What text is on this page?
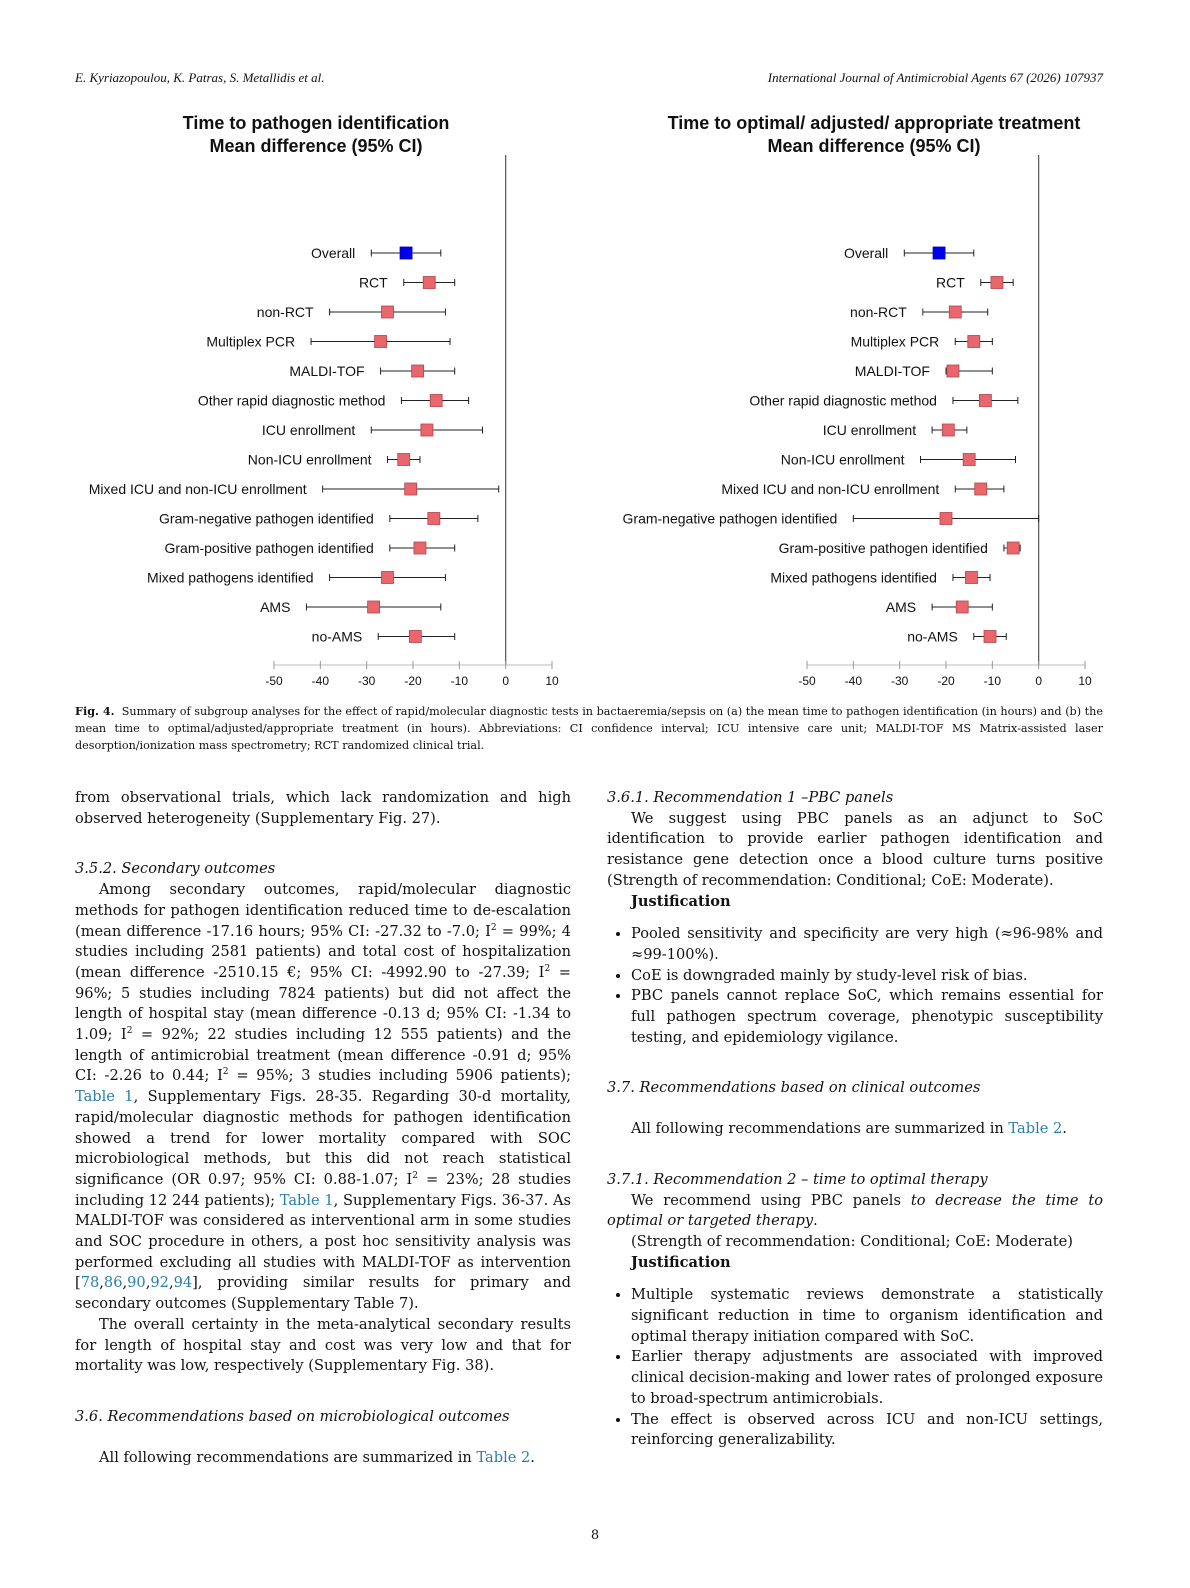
E. Kyriazopoulou, K. Patras, S. Metallidis et al.	International Journal of Antimicrobial Agents 67 (2026) 107937
Time to pathogen identification
Mean difference (95% CI)
-50 -40 -30 -20 -10	0	10
Overall
RCT
non-RCT
Multiplex PCR
MALDI-TOF
Other rapid diagnostic method
ICU enrollment
Non-ICU enrollment
Mixed ICU and non-ICU enrollment
Gram-negative pathogen identified
Gram-positive pathogen identified
Mixed pathogens identified
AMS
no-AMS
Time to optimal/ adjusted/ appropriate treatment
Mean difference (95% CI)
-50 -40 -30 -20 -10	0	10
Overall
RCT
non-RCT
Multiplex PCR
MALDI-TOF
Other rapid diagnostic method
ICU enrollment
Non-ICU enrollment
Mixed ICU and non-ICU enrollment
Gram-negative pathogen identified
Gram-positive pathogen identified
Mixed pathogens identified
AMS
no-AMS
Fig. 4. Summary of subgroup analyses for the effect of rapid/molecular diagnostic tests in bactaeremia/sepsis on (a) the mean time to pathogen identification (in hours) and (b) the mean time to optimal/adjusted/appropriate treatment (in hours). Abbreviations: CI confidence interval; ICU intensive care unit; MALDI-TOF MS Matrix-assisted laser desorption/ionization mass spectrometry; RCT randomized clinical trial.

from observational trials, which lack randomization and high observed heterogeneity (Supplementary Fig. 27).

3.5.2. Secondary outcomes

Among secondary outcomes, rapid/molecular diagnostic methods for pathogen identification reduced time to de-escalation (mean difference -17.16 hours; 95% CI: -27.32 to -7.0; $I^2 = 99\%$; 4 studies including 2581 patients) and total cost of hospitalization (mean difference -2510.15 €; 95% CI: -4992.90 to -27.39; $I^2 = 96\%$; 5 studies including 7824 patients) but did not affect the length of hospital stay (mean difference -0.13 d; 95% CI: -1.34 to 1.09; $I^2 = 92\%$; 22 studies including 12 555 patients) and the length of antimicrobial treatment (mean difference -0.91 d; 95% CI: -2.26 to 0.44; $I^2 = 95\%$; 3 studies including 5906 patients); Table 1, Supplementary Figs. 28-35. Regarding 30-d mortality, rapid/molecular diagnostic methods for pathogen identification showed a trend for lower mortality compared with SOC microbiological methods, but this did not reach statistical significance (OR 0.97; 95% CI: 0.88-1.07; $I^2 = 23\%$; 28 studies including 12 244 patients); Table 1, Supplementary Figs. 36-37. As MALDI-TOF was considered as interventional arm in some studies and SOC procedure in others, a post hoc sensitivity analysis was performed excluding all studies with MALDI-TOF as intervention [78,86,90,92,94], providing similar results for primary and secondary outcomes (Supplementary Table 7).

The overall certainty in the meta-analytical secondary results for length of hospital stay and cost was very low and that for mortality was low, respectively (Supplementary Fig. 38).

3.6. Recommendations based on microbiological outcomes

All following recommendations are summarized in Table 2.

3.6.1. Recommendation 1 –PBC panels

We suggest using PBC panels as an adjunct to SoC identification to provide earlier pathogen identification and resistance gene detection once a blood culture turns positive (Strength of recommendation: Conditional; CoE: Moderate).

Justification

• Pooled sensitivity and specificity are very high (≈96-98% and ≈99-100%).
• CoE is downgraded mainly by study-level risk of bias.
• PBC panels cannot replace SoC, which remains essential for full pathogen spectrum coverage, phenotypic susceptibility testing, and epidemiology vigilance.

3.7. Recommendations based on clinical outcomes

All following recommendations are summarized in Table 2.

3.7.1. Recommendation 2 – time to optimal therapy

We recommend using PBC panels to decrease the time to optimal or targeted therapy.

(Strength of recommendation: Conditional; CoE: Moderate)

Justification

• Multiple systematic reviews demonstrate a statistically significant reduction in time to organism identification and optimal therapy initiation compared with SoC.
• Earlier therapy adjustments are associated with improved clinical decision-making and lower rates of prolonged exposure to broad-spectrum antimicrobials.
• The effect is observed across ICU and non-ICU settings, reinforcing generalizability.
8
